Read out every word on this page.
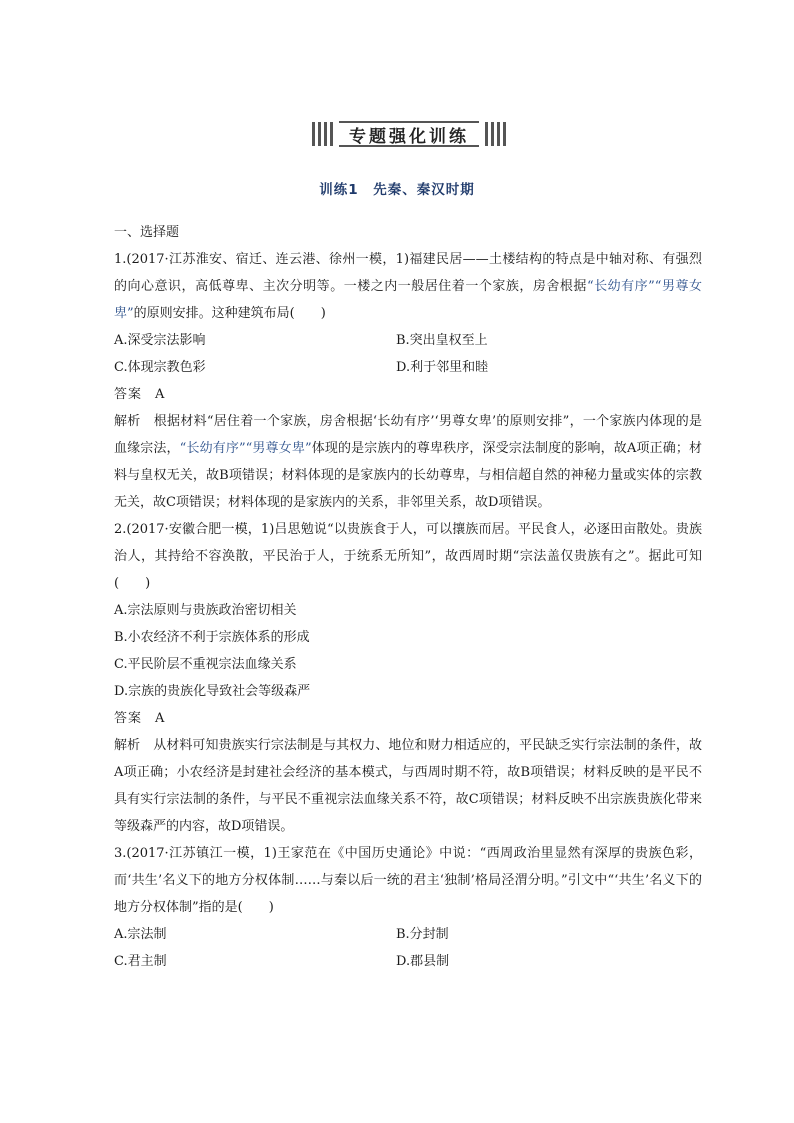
专题强化训练
训练1　先秦、秦汉时期

一、选择题

1.(2017·江苏淮安、宿迁、连云港、徐州一模，1)福建民居——土楼结构的特点是中轴对称、有强烈的向心意识，高低尊卑、主次分明等。一楼之内一般居住着一个家族，房舍根据“长幼有序”“男尊女卑”的原则安排。这种建筑布局(　　)

A.深受宗法影响	B.突出皇权至上
C.体现宗教色彩	D.利于邻里和睦

答案　 A

解析　 根据材料“居住着一个家族，房舍根据‘长幼有序’‘男尊女卑’的原则安排”，一个家族内体现的是血缘宗法，“长幼有序”“男尊女卑”体现的是宗族内的尊卑秩序，深受宗法制度的影响，故A项正确；材料与皇权无关，故B项错误；材料体现的是家族内的长幼尊卑，与相信超自然的神秘力量或实体的宗教无关，故C项错误；材料体现的是家族内的关系，非邻里关系，故D项错误。

2.(2017·安徽合肥一模，1)吕思勉说“以贵族食于人，可以攘族而居。平民食人，必逐田亩散处。贵族治人，其持给不容涣散，平民治于人，于统系无所知”，故西周时期“宗法盖仅贵族有之”。据此可知(　　)

A.宗法原则与贵族政治密切相关

B.小农经济不利于宗族体系的形成

C.平民阶层不重视宗法血缘关系

D.宗族的贵族化导致社会等级森严

答案　 A

解析　 从材料可知贵族实行宗法制是与其权力、地位和财力相适应的，平民缺乏实行宗法制的条件，故A项正确；小农经济是封建社会经济的基本模式，与西周时期不符，故B项错误；材料反映的是平民不具有实行宗法制的条件，与平民不重视宗法血缘关系不符，故C项错误；材料反映不出宗族贵族化带来等级森严的内容，故D项错误。

3.(2017·江苏镇江一模，1)王家范在《中国历史通论》中说：“西周政治里显然有深厚的贵族色彩，而‘共生’名义下的地方分权体制……与秦以后一统的君主‘独制’格局泾渭分明。”引文中“‘共生’名义下的地方分权体制”指的是(　　)

A.宗法制	B.分封制
C.君主制	D.郡县制
